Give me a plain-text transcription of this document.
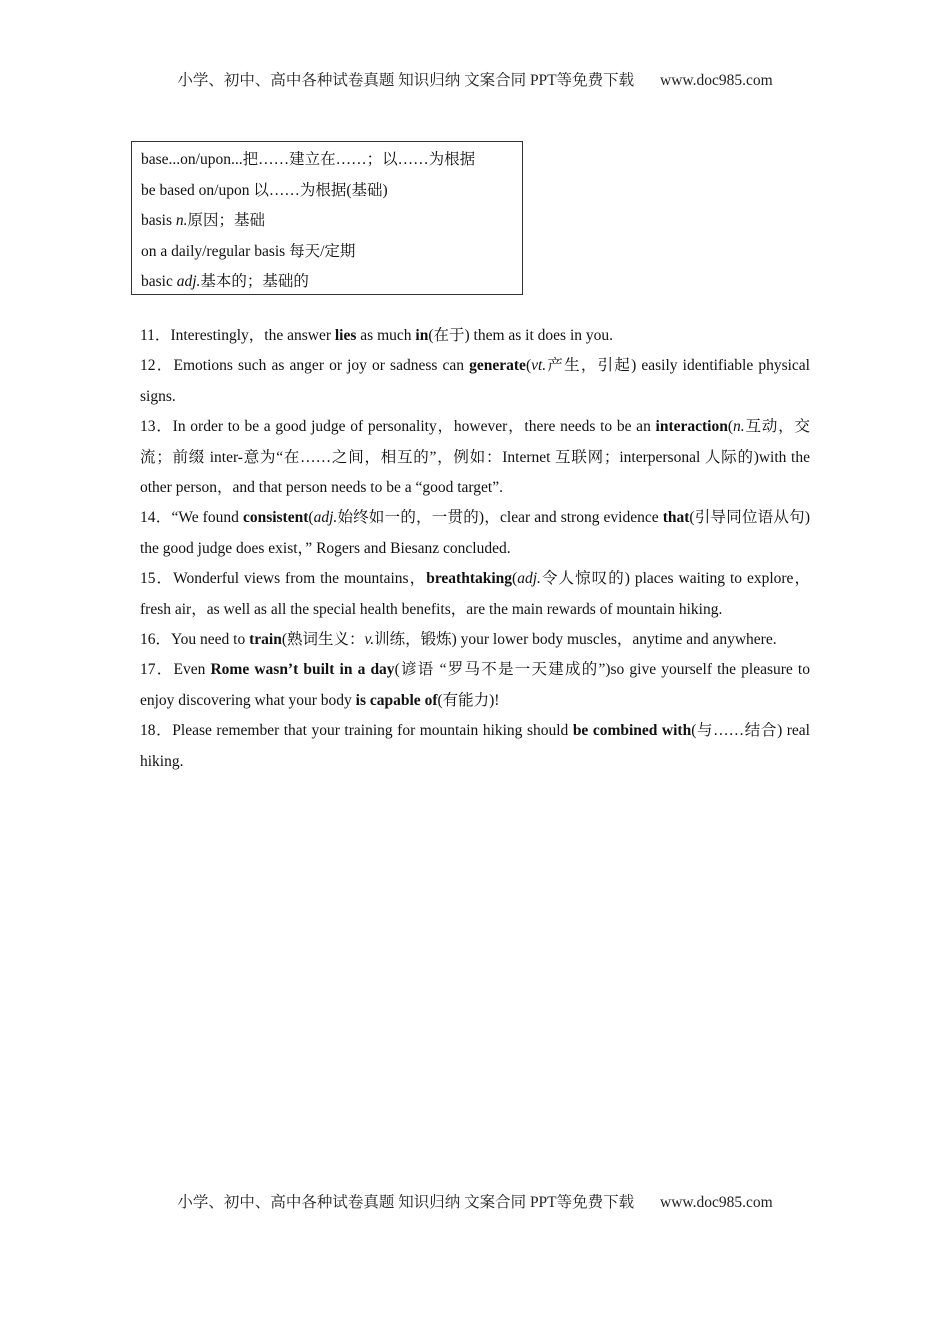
小学、初中、高中各种试卷真题 知识归纳 文案合同 PPT等免费下载 www.doc985.com
base...on/upon...把……建立在……；以……为根据
be based on/upon 以……为根据(基础)
basis n.原因；基础
on a daily/regular basis 每天/定期
basic adj.基本的；基础的

11．Interestingly，the answer lies as much in(在于) them as it does in you.

12．Emotions such as anger or joy or sadness can generate(vt.产生，引起) easily identifiable physical signs.

13．In order to be a good judge of personality，however，there needs to be an interaction(n.互动，交流；前缀 inter-意为“在……之间，相互的”，例如：Internet 互联网；interpersonal 人际的)with the other person，and that person needs to be a “good target”.

14．“We found consistent(adj.始终如一的，一贯的)，clear and strong evidence that(引导同位语从句) the good judge does exist，” Rogers and Biesanz concluded.

15．Wonderful views from the mountains，breathtaking(adj.令人惊叹的) places waiting to explore，fresh air，as well as all the special health benefits，are the main rewards of mountain hiking.

16．You need to train(熟词生义：v.训练，锻炼) your lower body muscles，anytime and anywhere.

17．Even Rome wasn’t built in a day(谚语 “罗马不是一天建成的”)so give yourself the pleasure to enjoy discovering what your body is capable of(有能力)!

18．Please remember that your training for mountain hiking should be combined with(与……结合) real hiking.

小学、初中、高中各种试卷真题 知识归纳 文案合同 PPT等免费下载 www.doc985.com
